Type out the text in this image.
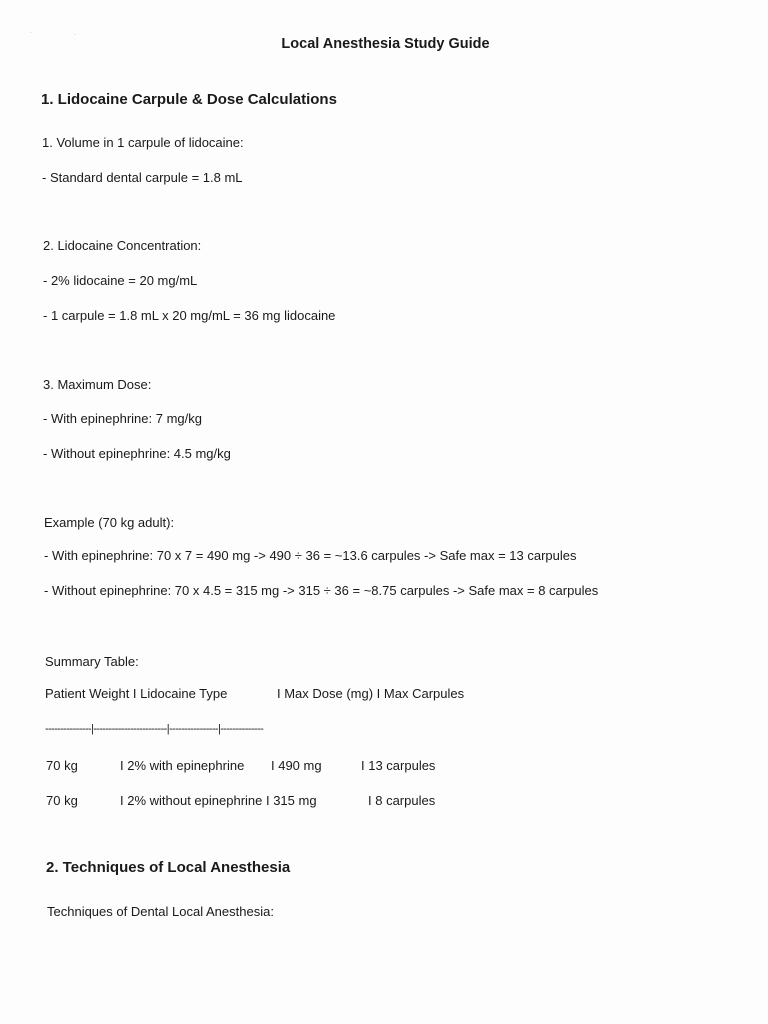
·	·
Local Anesthesia Study Guide
1. Lidocaine Carpule & Dose Calculations
1. Volume in 1 carpule of lidocaine:
- Standard dental carpule = 1.8 mL
2. Lidocaine Concentration:
- 2% lidocaine = 20 mg/mL
- 1 carpule = 1.8 mL x 20 mg/mL = 36 mg lidocaine
3. Maximum Dose:
- With epinephrine: 7 mg/kg
- Without epinephrine: 4.5 mg/kg
Example (70 kg adult):
- With epinephrine: 70 x 7 = 490 mg -> 490 ÷ 36 = ~13.6 carpules -> Safe max = 13 carpules
- Without epinephrine: 70 x 4.5 = 315 mg -> 315 ÷ 36 = ~8.75 carpules -> Safe max = 8 carpules
Summary Table:
Patient Weight I Lidocaine Type	I Max Dose (mg) I Max Carpules
---------------|------------------------|----------------|--------------
70 kg	I 2% with epinephrine I 490 mg	I 13 carpules
70 kg	I 2% without epinephrine I 315 mg	I 8 carpules
2. Techniques of Local Anesthesia
Techniques of Dental Local Anesthesia:
